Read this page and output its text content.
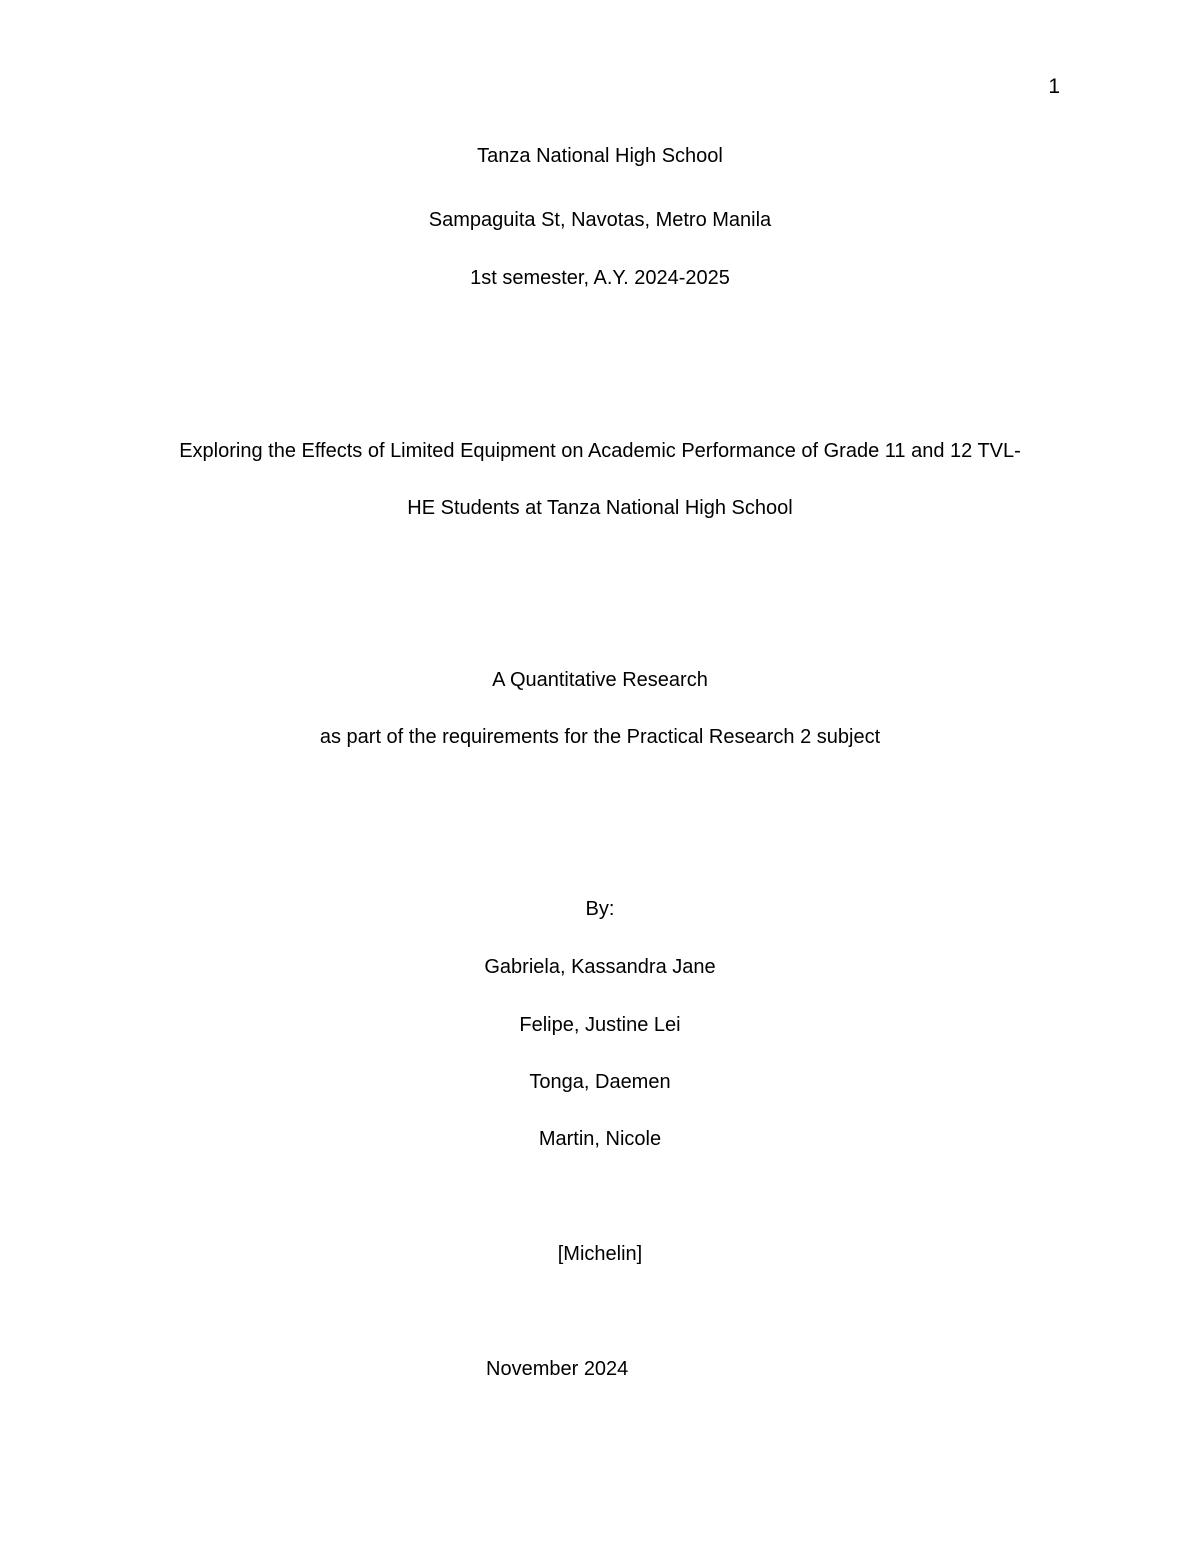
1
Tanza National High School
Sampaguita St, Navotas, Metro Manila
1st semester, A.Y. 2024-2025
Exploring the Effects of Limited Equipment on Academic Performance of Grade 11 and 12 TVL-
HE Students at Tanza National High School
A Quantitative Research
as part of the requirements for the Practical Research 2 subject
By:
Gabriela, Kassandra Jane
Felipe, Justine Lei
Tonga, Daemen
Martin, Nicole
[Michelin]
November 2024
